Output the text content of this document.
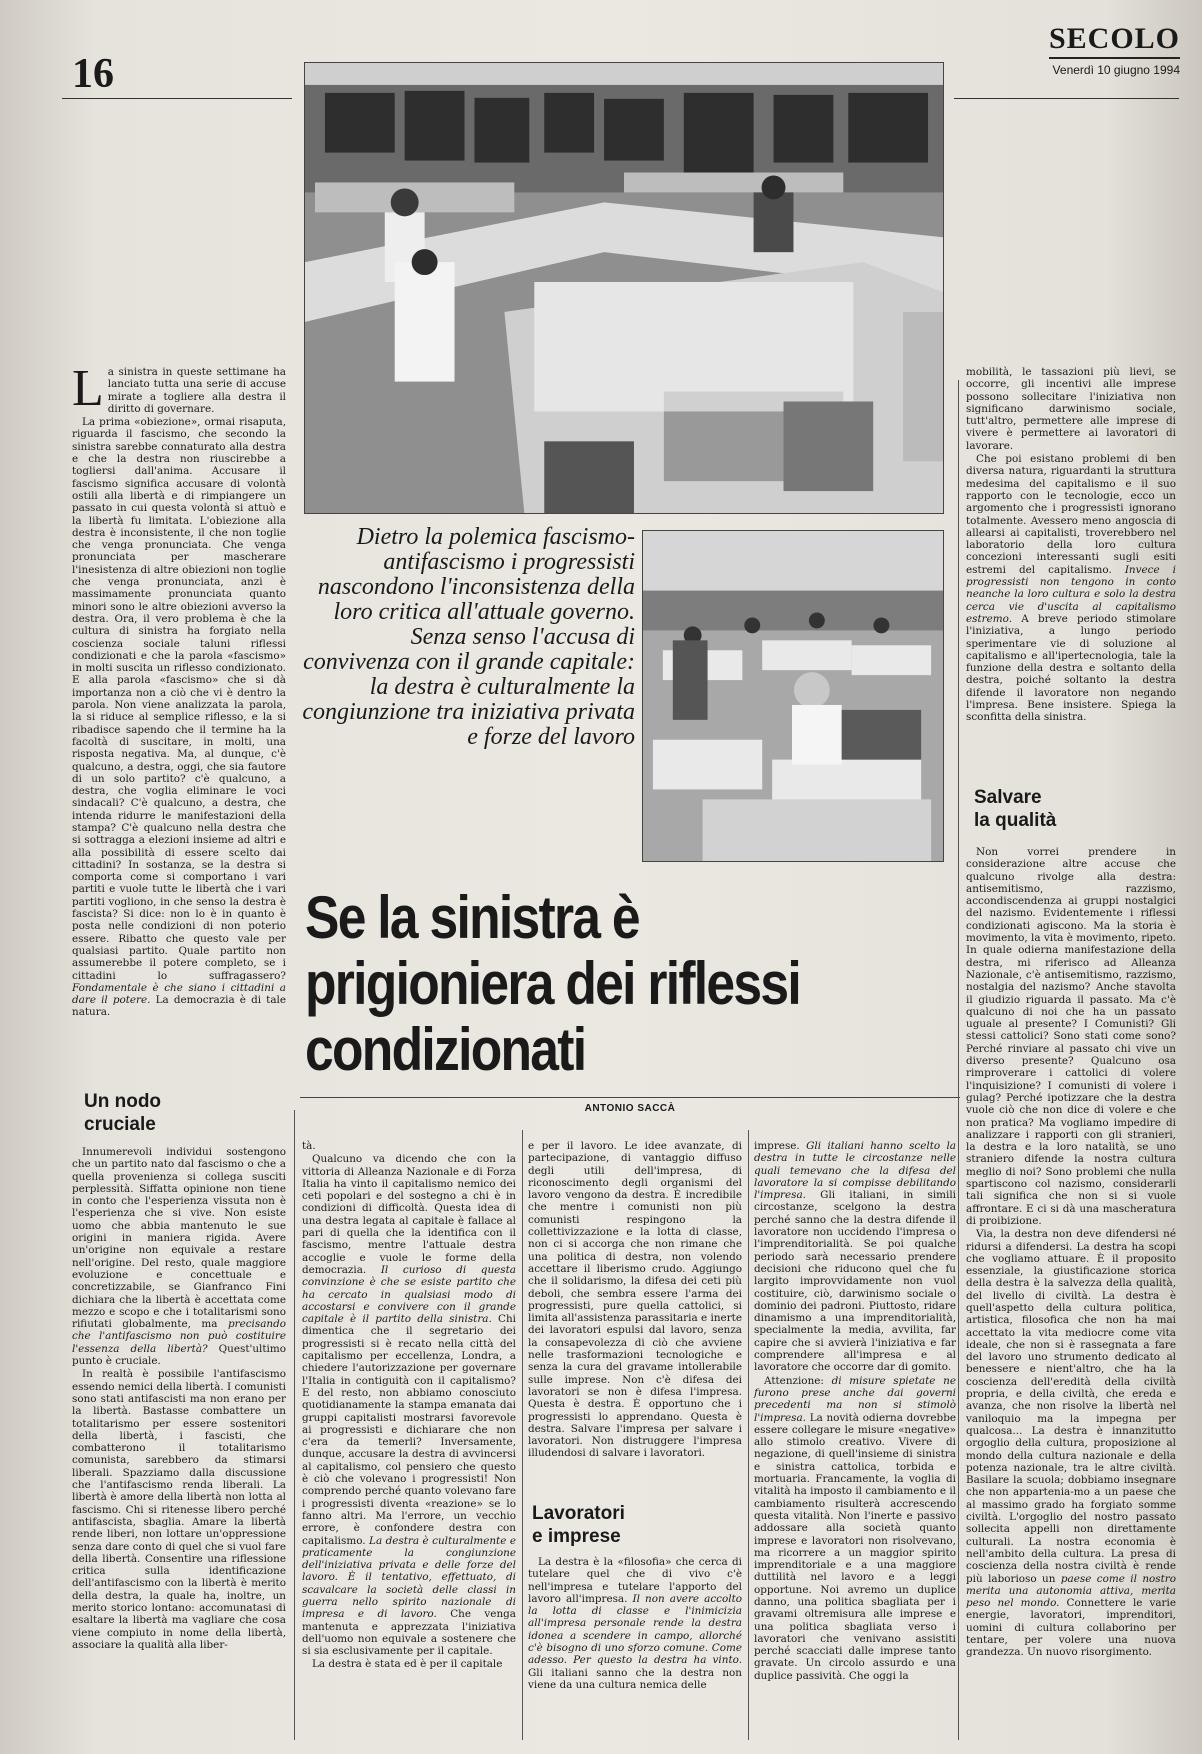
16
SECOLO
Venerdì 10 giugno 1994
Dietro la polemica fascismo-antifascismo i progressisti nascondono l'inconsistenza della loro critica all'attuale governo. Senza senso l'accusa di convivenza con il grande capitale: la destra è culturalmente la congiunzione tra iniziativa privata e forze del lavoro
Se la sinistra è prigioniera dei riflessi condizionati
ANTONIO SACCÀ
L a sinistra in queste settimane ha lanciato tutta una serie di accuse mirate a togliere alla destra il diritto di governare.

La prima «obiezione», ormai risaputa, riguarda il fascismo, che secondo la sinistra sarebbe connaturato alla destra e che la destra non riuscirebbe a togliersi dall'anima. Accusare il fascismo significa accusare di volontà ostili alla libertà e di rimpiangere un passato in cui questa volontà si attuò e la libertà fu limitata. L'obiezione alla destra è inconsistente, il che non toglie che venga pronunciata. Che venga pronunciata per mascherare l'inesistenza di altre obiezioni non toglie che venga pronunciata, anzi è massimamente pronunciata quanto minori sono le altre obiezioni avverso la destra. Ora, il vero problema è che la cultura di sinistra ha forgiato nella coscienza sociale taluni riflessi condizionati e che la parola «fascismo» in molti suscita un riflesso condizionato. E alla parola «fascismo» che si dà importanza non a ciò che vi è dentro la parola. Non viene analizzata la parola, la si riduce al semplice riflesso, e la si ribadisce sapendo che il termine ha la facoltà di suscitare, in molti, una risposta negativa. Ma, al dunque, c'è qualcuno, a destra, oggi, che sia fautore di un solo partito? c'è qualcuno, a destra, che voglia eliminare le voci sindacali? C'è qualcuno, a destra, che intenda ridurre le manifestazioni della stampa? C'è qualcuno nella destra che si sottragga a elezioni insieme ad altri e alla possibilità di essere scelto dai cittadini? In sostanza, se la destra si comporta come si comportano i vari partiti e vuole tutte le libertà che i vari partiti vogliono, in che senso la destra è fascista? Si dice: non lo è in quanto è posta nelle condizioni di non poterio essere. Ribatto che questo vale per qualsiasi partito. Quale partito non assumerebbe il potere completo, se i cittadini lo suffragassero? Fondamentale è che siano i cittadini a dare il potere. La democrazia è di tale natura.

Un nodo
cruciale

Innumerevoli individui sostengono che un partito nato dal fascismo o che a quella provenienza si collega susciti perplessità. Siffatta opinione non tiene in conto che l'esperienza vissuta non è l'esperienza che si vive. Non esiste uomo che abbia mantenuto le sue origini in maniera rigida. Avere un'origine non equivale a restare nell'origine. Del resto, quale maggiore evoluzione e concettuale e concretizzabile, se Gianfranco Fini dichiara che la libertà è accettata come mezzo e scopo e che i totalitarismi sono rifiutati globalmente, ma precisando che l'antifascismo non può costituire l'essenza della libertà? Quest'ultimo punto è cruciale.

In realtà è possibile l'antifascismo essendo nemici della libertà. I comunisti sono stati antifascisti ma non erano per la libertà. Bastasse combattere un totalitarismo per essere sostenitori della libertà, i fascisti, che combatterono il totalitarismo comunista, sarebbero da stimarsi liberali. Spazziamo dalla discussione che l'antifascismo renda liberali. La libertà è amore della libertà non lotta al fascismo. Chi si ritenesse libero perché antifascista, sbaglia. Amare la libertà rende liberi, non lottare un'oppressione senza dare conto di quel che si vuol fare della libertà. Consentire una riflessione critica sulla identificazione dell'antifascismo con la libertà è merito della destra, la quale ha, inoltre, un merito storico lontano: accomunatasi di esaltare la libertà ma vagliare che cosa viene compiuto in nome della libertà, associare la qualità alla liber-

tà.

Qualcuno va dicendo che con la vittoria di Alleanza Nazionale e di Forza Italia ha vinto il capitalismo nemico dei ceti popolari e del sostegno a chi è in condizioni di difficoltà. Questa idea di una destra legata al capitale è fallace al pari di quella che la identifica con il fascismo, mentre l'attuale destra accoglie e vuole le forme della democrazia. Il curioso di questa convinzione è che se esiste partito che ha cercato in qualsiasi modo di accostarsi e convivere con il grande capitale è il partito della sinistra. Chi dimentica che il segretario dei progressisti si è recato nella città del capitalismo per eccellenza, Londra, a chiedere l'autorizzazione per governare l'Italia in contiguità con il capitalismo? E del resto, non abbiamo conosciuto quotidianamente la stampa emanata dai gruppi capitalisti mostrarsi favorevole ai progressisti e dichiarare che non c'era da temerli? Inversamente, dunque, accusare la destra di avvincersi al capitalismo, col pensiero che questo è ciò che volevano i progressisti! Non comprendo perché quanto volevano fare i progressisti diventa «reazione» se lo fanno altri. Ma l'errore, un vecchio errore, è confondere destra con capitalismo. La destra è culturalmente e praticamente la congiunzione dell'iniziativa privata e delle forze del lavoro. È il tentativo, effettuato, di scavalcare la società delle classi in guerra nello spirito nazionale di impresa e di lavoro. Che venga mantenuta e apprezzata l'iniziativa dell'uomo non equivale a sostenere che si sia esclusivamente per il capitale.

La destra è stata ed è per il capitale

e per il lavoro. Le idee avanzate, di partecipazione, di vantaggio diffuso degli utili dell'impresa, di riconoscimento degli organismi del lavoro vengono da destra. È incredibile che mentre i comunisti non più comunisti respingono la collettivizzazione e la lotta di classe, non ci si accorga che non rimane che una politica di destra, non volendo accettare il liberismo crudo. Aggiungo che il solidarismo, la difesa dei ceti più deboli, che sembra essere l'arma dei progressisti, pure quella cattolici, si limita all'assistenza parassitaria e inerte dei lavoratori espulsi dal lavoro, senza la consapevolezza di ciò che avviene nelle trasformazioni tecnologiche e senza la cura del gravame intollerabile sulle imprese. Non c'è difesa dei lavoratori se non è difesa l'impresa. Questa è destra. È opportuno che i progressisti lo apprendano. Questa è destra. Salvare l'impresa per salvare i lavoratori. Non distruggere l'impresa illudendosi di salvare i lavoratori.

Lavoratori
e imprese

La destra è la «filosofia» che cerca di tutelare quel che di vivo c'è nell'impresa e tutelare l'apporto del lavoro all'impresa. Il non avere accolto la lotta di classe e l'inimicizia all'impresa personale rende la destra idonea a scendere in campo, allorché c'è bisogno di uno sforzo comune. Come adesso. Per questo la destra ha vinto. Gli italiani sanno che la destra non viene da una cultura nemica delle

imprese. Gli italiani hanno scelto la destra in tutte le circostanze nelle quali temevano che la difesa del lavoratore la si compisse debilitando l'impresa. Gli italiani, in simili circostanze, scelgono la destra perché sanno che la destra difende il lavoratore non uccidendo l'impresa o l'imprenditorialità. Se poi qualche periodo sarà necessario prendere decisioni che riducono quel che fu largito improvvidamente non vuol costituire, ciò, darwinismo sociale o dominio dei padroni. Piuttosto, ridare dinamismo a una imprenditorialità, specialmente la media, avvilita, far capire che si avvierà l'iniziativa e far comprendere all'impresa e al lavoratore che occorre dar di gomito.

Attenzione: di misure spietate ne furono prese anche dai governi precedenti ma non si stimolò l'impresa. La novità odierna dovrebbe essere collegare le misure «negative» allo stimolo creativo. Vivere di negazione, di quell'insieme di sinistra e sinistra cattolica, torbida e mortuaria. Francamente, la voglia di vitalità ha imposto il cambiamento e il cambiamento risulterà accrescendo questa vitalità. Non l'inerte e passivo addossare alla società quanto imprese e lavoratori non risolvevano, ma ricorrere a un maggior spirito imprenditoriale e a una maggiore duttilità nel lavoro e a leggi opportune. Noi avremo un duplice danno, una politica sbagliata per i gravami oltremisura alle imprese e una politica sbagliata verso i lavoratori che venivano assistiti perché scacciati dalle imprese tanto gravate. Un circolo assurdo e una duplice passività. Che oggi la

mobilità, le tassazioni più lievi, se occorre, gli incentivi alle imprese possono sollecitare l'iniziativa non significano darwinismo sociale, tutt'altro, permettere alle imprese di vivere è permettere ai lavoratori di lavorare.

Che poi esistano problemi di ben diversa natura, riguardanti la struttura medesima del capitalismo e il suo rapporto con le tecnologie, ecco un argomento che i progressisti ignorano totalmente. Avessero meno angoscia di allearsi ai capitalisti, troverebbero nel laboratorio della loro cultura concezioni interessanti sugli esiti estremi del capitalismo. Invece i progressisti non tengono in conto neanche la loro cultura e solo la destra cerca vie d'uscita al capitalismo estremo. A breve periodo stimolare l'iniziativa, a lungo periodo sperimentare vie di soluzione al capitalismo e all'ipertecnologia, tale la funzione della destra e soltanto della destra, poiché soltanto la destra difende il lavoratore non negando l'impresa. Bene insistere. Spiega la sconfitta della sinistra.

Salvare
la qualità

Non vorrei prendere in considerazione altre accuse che qualcuno rivolge alla destra: antisemitismo, razzismo, accondiscendenza ai gruppi nostalgici del nazismo. Evidentemente i riflessi condizionati agiscono. Ma la storia è movimento, la vita è movimento, ripeto. In quale odierna manifestazione della destra, mi riferisco ad Alleanza Nazionale, c'è antisemitismo, razzismo, nostalgia del nazismo? Anche stavolta il giudizio riguarda il passato. Ma c'è qualcuno di noi che ha un passato uguale al presente? I Comunisti? Gli stessi cattolici? Sono stati come sono? Perché rinviare al passato chi vive un diverso presente? Qualcuno osa rimproverare i cattolici di volere l'inquisizione? I comunisti di volere i gulag? Perché ipotizzare che la destra vuole ciò che non dice di volere e che non pratica? Ma vogliamo impedire di analizzare i rapporti con gli stranieri, la destra e la loro natalità, se uno straniero difende la nostra cultura meglio di noi? Sono problemi che nulla spartiscono col nazismo, considerarli tali significa che non si si vuole affrontare. E ci si dà una mascheratura di proibizione.

Via, la destra non deve difendersi né ridursi a difendersi. La destra ha scopi che vogliamo attuare. È il proposito essenziale, la giustificazione storica della destra è la salvezza della qualità, del livello di civiltà. La destra è quell'aspetto della cultura politica, artistica, filosofica che non ha mai accettato la vita mediocre come vita ideale, che non si è rassegnata a fare del lavoro uno strumento dedicato al benessere e nient'altro, che ha la coscienza dell'eredità della civiltà propria, e della civiltà, che ereda e avanza, che non risolve la libertà nel vaniloquio ma la impegna per qualcosa... La destra è innanzitutto orgoglio della cultura, proposizione al mondo della cultura nazionale e della potenza nazionale, tra le altre civiltà. Basilare la scuola; dobbiamo insegnare che non appartenia-mo a un paese che al massimo grado ha forgiato somme civiltà. L'orgoglio del nostro passato sollecita appelli non direttamente culturali. La nostra economia è nell'ambito della cultura. La presa di coscienza della nostra civiltà è rende più laborioso un paese come il nostro merita una autonomia attiva, merita peso nel mondo. Connettere le varie energie, lavoratori, imprenditori, uomini di cultura collaborino per tentare, per volere una nuova grandezza. Un nuovo risorgimento.
